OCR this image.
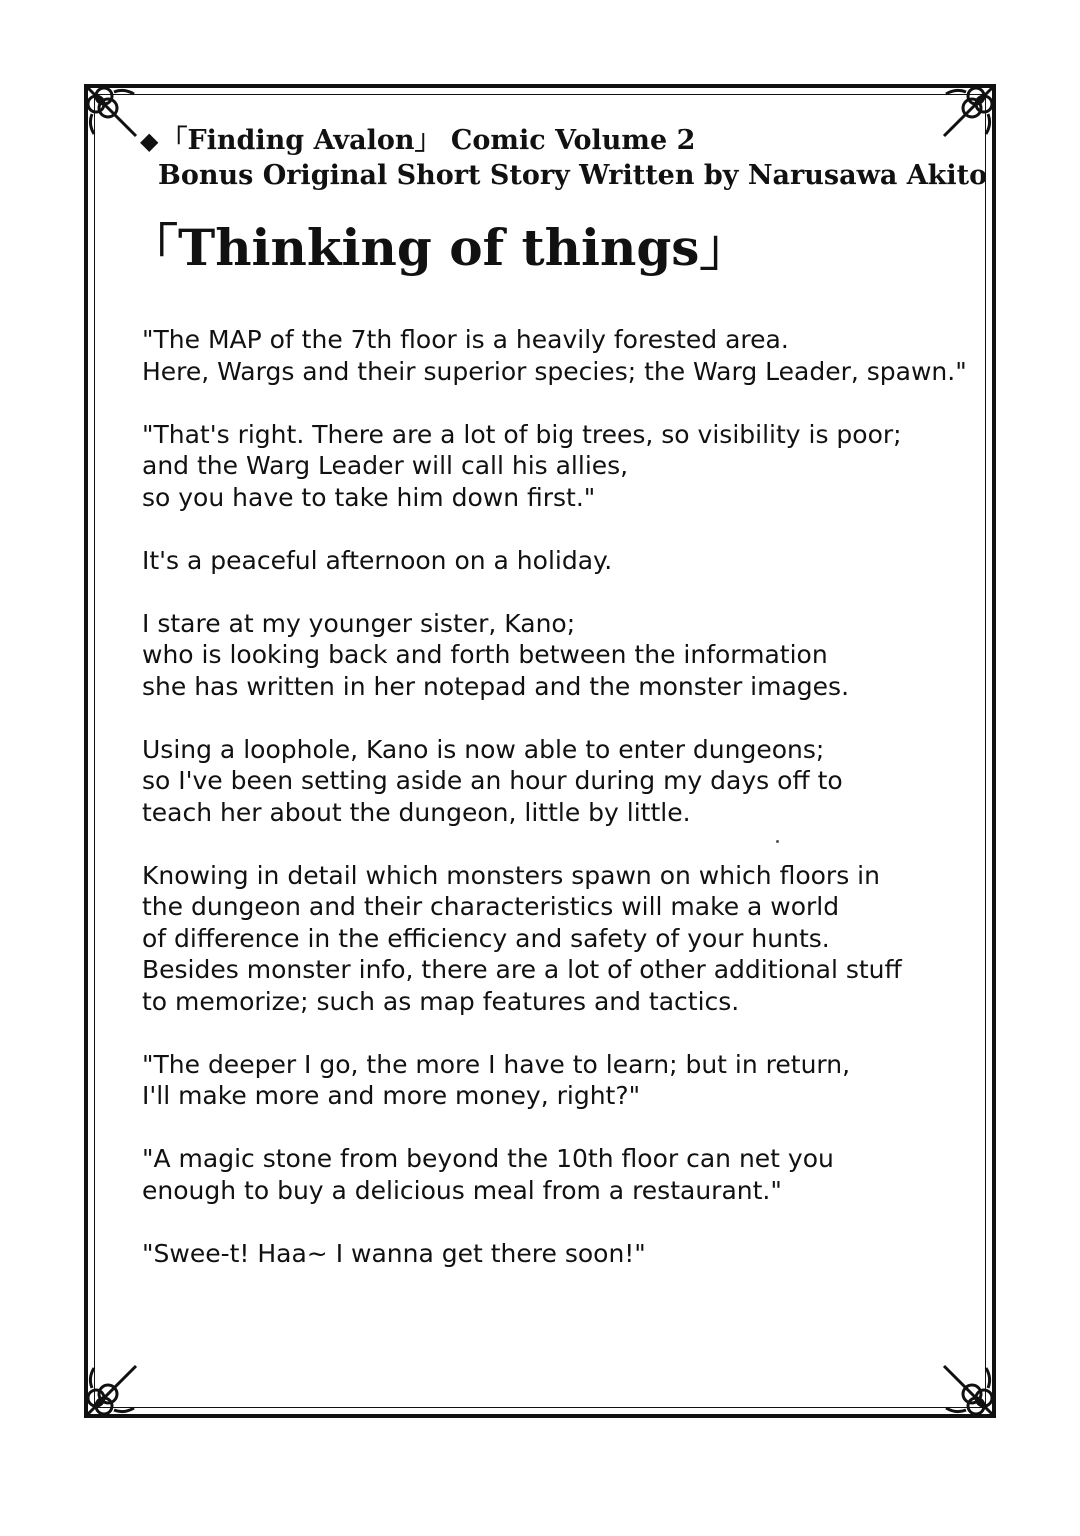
◆「Finding Avalon」 Comic Volume 2
Bonus Original Short Story Written by Narusawa Akito
「Thinking of things」
"The MAP of the 7th floor is a heavily forested area.
Here, Wargs and their superior species; the Warg Leader, spawn."
"That's right. There are a lot of big trees, so visibility is poor;
and the Warg Leader will call his allies,
so you have to take him down first."
It's a peaceful afternoon on a holiday.
I stare at my younger sister, Kano;
who is looking back and forth between the information
she has written in her notepad and the monster images.
Using a loophole, Kano is now able to enter dungeons;
so I've been setting aside an hour during my days off to
teach her about the dungeon, little by little.
Knowing in detail which monsters spawn on which floors in
the dungeon and their characteristics will make a world
of difference in the efficiency and safety of your hunts.
Besides monster info, there are a lot of other additional stuff
to memorize; such as map features and tactics.
"The deeper I go, the more I have to learn; but in return,
I'll make more and more money, right?"
"A magic stone from beyond the 10th floor can net you
enough to buy a delicious meal from a restaurant."
"Swee-t! Haa~ I wanna get there soon!"
